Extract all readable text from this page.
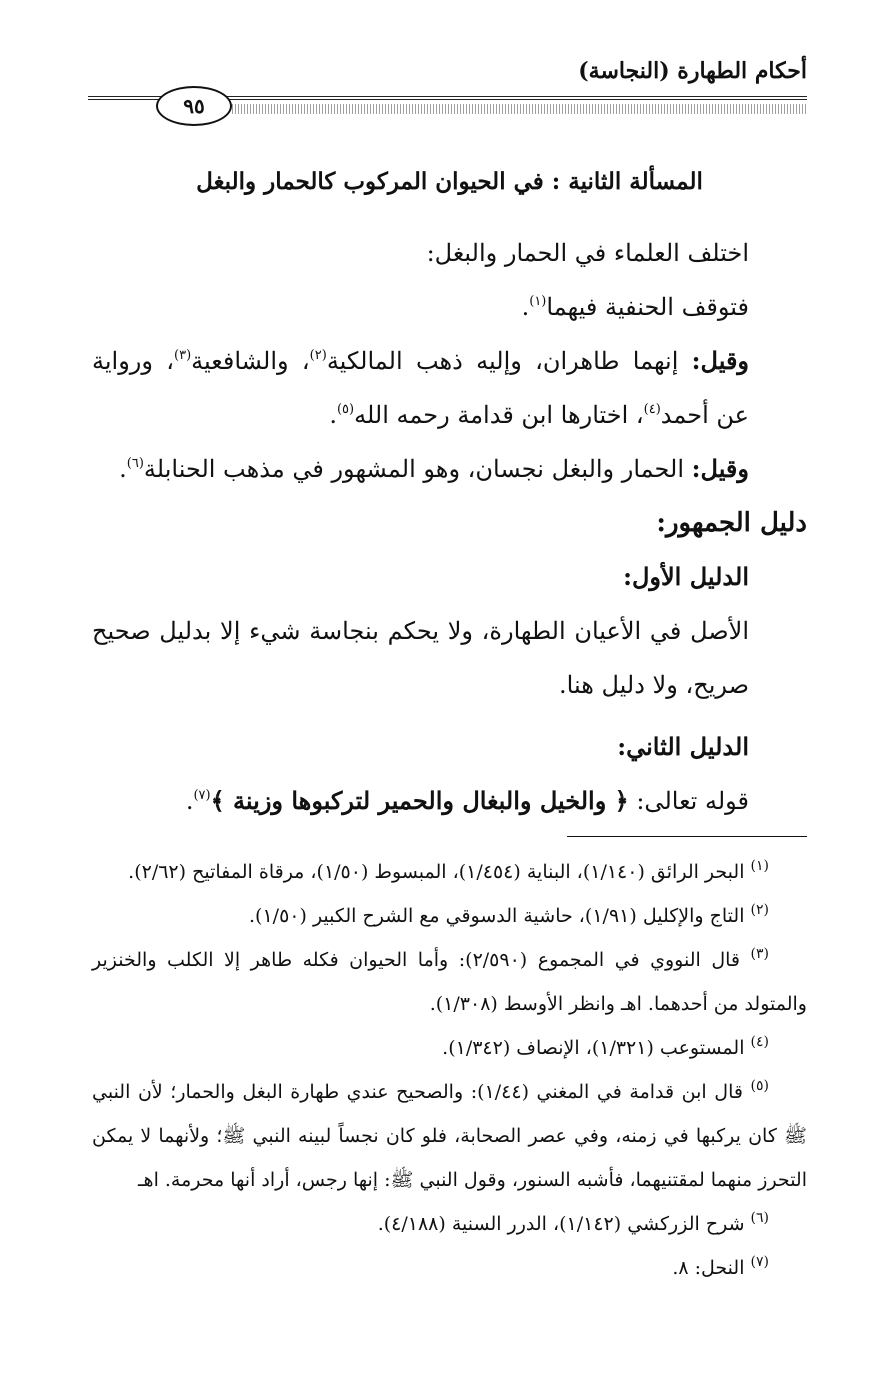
أحكام الطهارة (النجاسة)
٩٥
المسألة الثانية : في الحيوان المركوب كالحمار والبغل
اختلف العلماء في الحمار والبغل:
فتوقف الحنفية فيهما$^{(١)}$.
وقيل: إنهما طاهران، وإليه ذهب المالكية$^{(٢)}$، والشافعية$^{(٣)}$، ورواية عن أحمد$^{(٤)}$، اختارها ابن قدامة رحمه الله$^{(٥)}$.
وقيل: الحمار والبغل نجسان، وهو المشهور في مذهب الحنابلة$^{(٦)}$.
دليل الجمهور:
الدليل الأول:
الأصل في الأعيان الطهارة، ولا يحكم بنجاسة شيء إلا بدليل صحيح صريح، ولا دليل هنا.
الدليل الثاني:
قوله تعالى: ﴿ والخيل والبغال والحمير لتركبوها وزينة ﴾$^{(٧)}$.
$^{(١)}$ البحر الرائق (١/١٤٠)، البناية (١/٤٥٤)، المبسوط (١/٥٠)، مرقاة المفاتيح (٢/٦٢).
$^{(٢)}$ التاج والإكليل (١/٩١)، حاشية الدسوقي مع الشرح الكبير (١/٥٠).
$^{(٣)}$ قال النووي في المجموع (٢/٥٩٠): وأما الحيوان فكله طاهر إلا الكلب والخنزير والمتولد من أحدهما. اهـ وانظر الأوسط (١/٣٠٨).
$^{(٤)}$ المستوعب (١/٣٢١)، الإنصاف (١/٣٤٢).
$^{(٥)}$ قال ابن قدامة في المغني (١/٤٤): والصحيح عندي طهارة البغل والحمار؛ لأن النبي ﷺ كان يركبها في زمنه، وفي عصر الصحابة، فلو كان نجساً لبينه النبي ﷺ؛ ولأنهما لا يمكن التحرز منهما لمقتنيهما، فأشبه السنور، وقول النبي ﷺ: إنها رجس، أراد أنها محرمة. اهـ
$^{(٦)}$ شرح الزركشي (١/١٤٢)، الدرر السنية (٤/١٨٨).
$^{(٧)}$ النحل: ٨.
